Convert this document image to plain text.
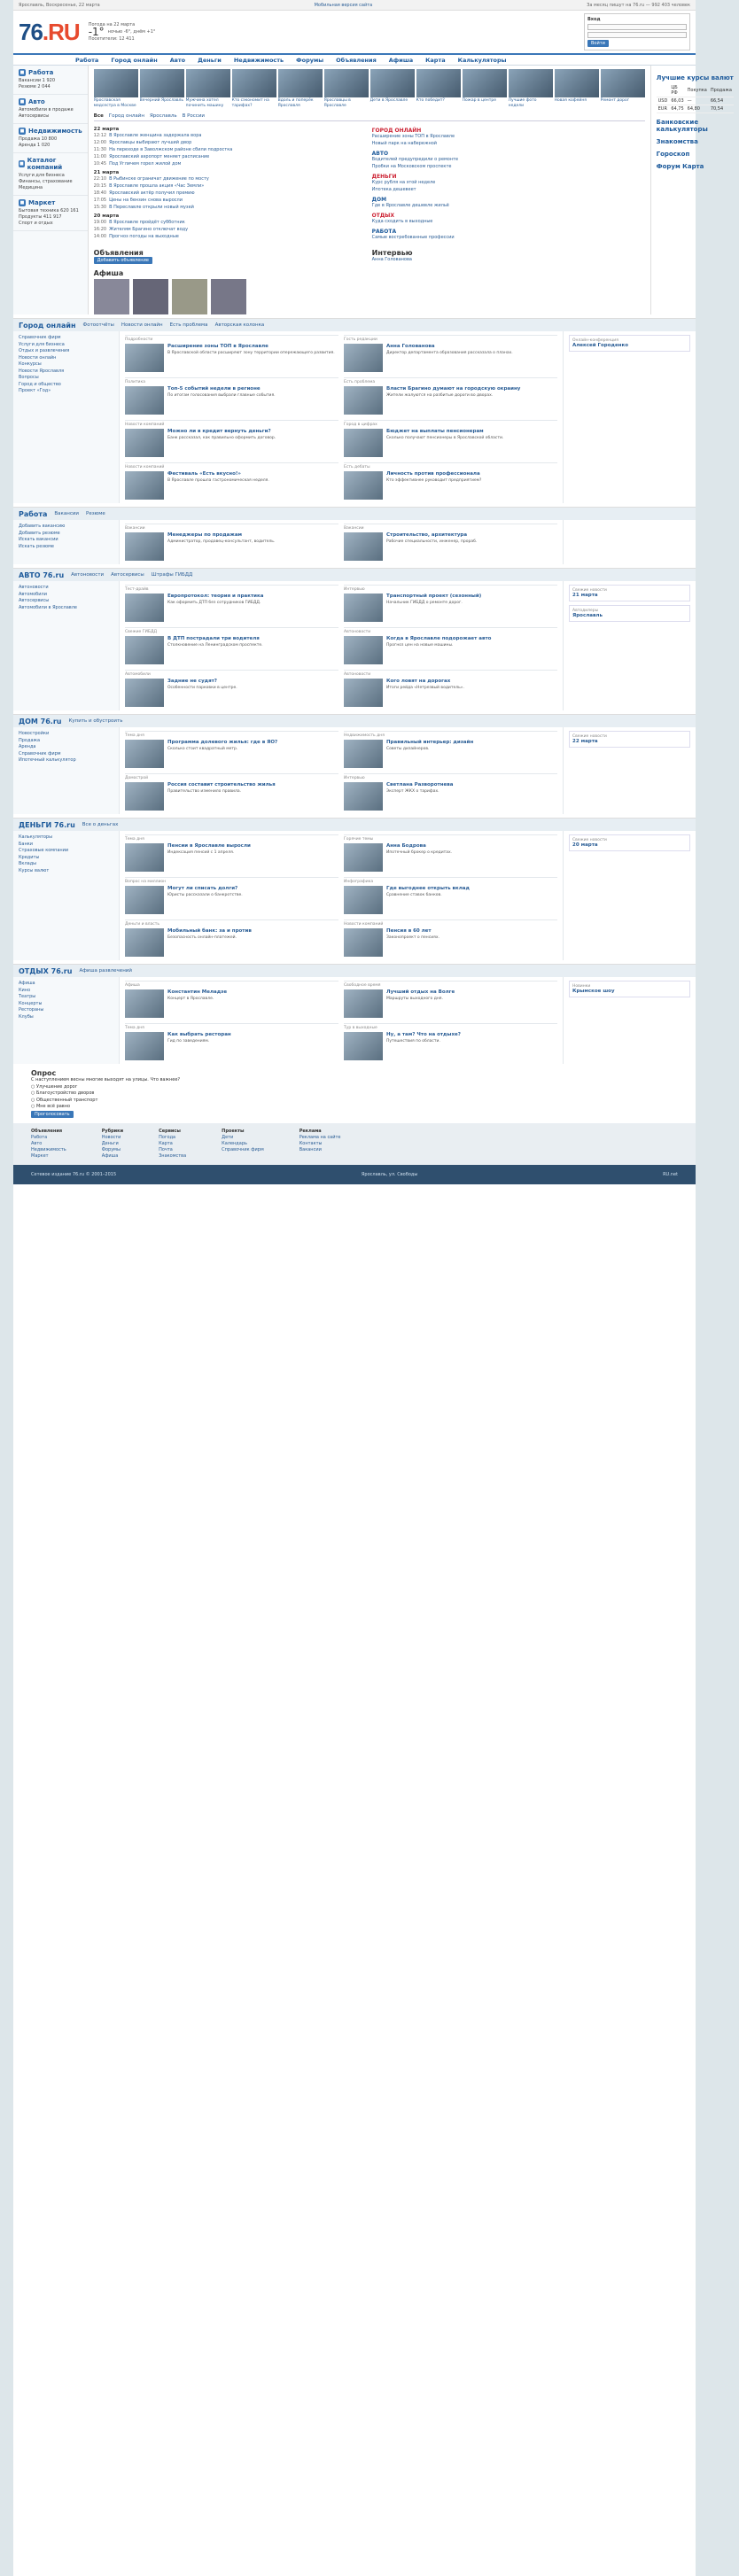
Ярославль, Воскресенье, 22 марта	Мобильная версия сайта	За месяц пишут на 76.ru — 992 403 человек
76.RU Погода на 22 марта
-1° ночью -6°, днём +1°
Посетители: 12 411
Вход
Войти
Работа Город онлайн Авто Деньги Недвижимость Форумы Объявления Афиша Карта Калькуляторы
■ Работа

Вакансии 1 920

Резюме 2 044

■ Авто

Автомобили в продаже

Автосервисы

■ Недвижимость

Продажа 10 800

Аренда 1 020

■ Каталог компаний

Услуги для бизнеса

Финансы, страхование

Медицина

■ Маркет

Бытовая техника 620 161

Продукты 411 917

Спорт и отдых

Ярославская медсестра в Москве
Вечерний Ярославль Мужчина хотел починить машину
Кто сэкономит на тарифах?
Вдоль и поперёк Ярославля
Ярославцы в Ярославле
Дети в Ярославле	Кто победит?	Пожар в центре	Лучшие фото недели
Новая кофейня	Ремонт дорог
Все Город онлайн Ярославль В России
22 марта
12:12 В Ярославле женщина задержала вора
12:00 Ярославцы выбирают лучший двор
11:30 На переходе в Заволжском районе сбили подростка
11:00 Ярославский аэропорт меняет расписание
10:45 Под Угличем горел жилой дом
21 марта
22:10 В Рыбинске ограничат движение по мосту
20:15 В Ярославле прошла акция «Час Земли»
18:40 Ярославский актёр получил премию
17:05 Цены на бензин снова выросли
15:30 В Переславле открыли новый музей
20 марта
19:00 В Ярославле пройдёт субботник
16:20 Жителям Брагино отключат воду
14:00 Прогноз погоды на выходные
ГОРОД ОНЛАЙН
Расширение зоны ТОП в Ярославле
Новый парк на набережной
АВТО
Водителей предупредили о ремонте
Пробки на Московском проспекте
ДЕНЬГИ
Курс рубля на этой неделе
Ипотека дешевеет
ДОМ
Где в Ярославле дешевле жильё
ОТДЫХ
Куда сходить в выходные
РАБОТА
Самые востребованные профессии
Объявления
Добавить объявление
Интервью
Анна Голованова
Афиша
Лучшие курсы валют
	ЦБ РФ	Покупка	Продажа
USD	66,03	—	66,54
EUR	64,75	64,80	70,54
Банковские калькуляторы
Знакомства
Гороскоп
Форум Карта
Город онлайн Фотоотчёты Новости онлайн Есть проблема Авторская колонка

Справочник фирм

Услуги для бизнеса

Отдых и развлечения

Новости онлайн

Конкурсы

Новости Ярославля

Вопросы

Город и общество

Проект «Год»

Подробности
Расширение зоны ТОП в Ярославле
В Ярославской области расширяют зону территории опережающего развития.
Гость редакции
Анна Голованова
Директор департамента образования рассказала о планах.
Политика
Топ-5 событий недели в регионе
По итогам голосования выбрали главные события.
Есть проблема
Власти Брагино думают на городскую окраину
Жители жалуются на разбитые дороги во дворах.
Новости компаний
Можно ли в кредит вернуть деньги?
Банк рассказал, как правильно оформить договор.
Город в цифрах
Бюджет на выплаты пенсионерам
Сколько получают пенсионеры в Ярославской области.
Новости компаний
Фестиваль «Есть вкусно!»
В Ярославле прошла гастрономическая неделя.
Есть дебаты
Личность против профессионала
Кто эффективнее руководит предприятием?
Онлайн-конференция
Алексей Городенко
Работа Вакансии Резюме

Добавить вакансию

Добавить резюме

Искать вакансии

Искать резюме

Вакансии
Менеджеры по продажам
Администратор, продавец-консультант, водитель.
Вакансии
Строительство, архитектура
Рабочие специальности, инженер, прораб.
АВТО 76.ru Автоновости Автосервисы Штрафы ГИБДД

Автоновости

Автомобили

Автосервисы

Автомобили в Ярославле

Тест-драйв
Европротокол: теория и практика
Как оформить ДТП без сотрудников ГИБДД.
Интервью
Транспортный проект (сезонный)
Начальник ГИБДД о ремонте дорог.
Свежие ГИБДД
В ДТП пострадали три водителя
Столкновение на Ленинградском проспекте.
Автоновости
Когда в Ярославле подорожает авто
Прогноз цен на новые машины.
Автомобили
Задние не судят?
Особенности парковки в центре.
Автоновости
Кого ловят на дорогах
Итоги рейда «Нетрезвый водитель».
Свежие новости
21 марта
Автодилеры
Ярославль
ДОМ 76.ru Купить и обустроить

Новостройки

Продажа

Аренда

Справочник фирм

Ипотечный калькулятор

Тема дня
Программа долевого жилья: где в ЯО?
Сколько стоит квадратный метр.
Недвижимость дня
Правильный интерьер: дизайн
Советы дизайнеров.
Домострой
Россия составит строительство жилья
Правительство изменило правила.
Интервью
Светлана Разворотнева
Эксперт ЖКХ о тарифах.
Свежие новости
22 марта
ДЕНЬГИ 76.ru Все о деньгах

Калькуляторы

Банки

Страховые компании

Кредиты

Вклады

Курсы валют

Тема дня
Пенсии в Ярославле выросли
Индексация пенсий с 1 апреля.
Горячие темы
Анна Бодрова
Ипотечный брокер о кредитах.
Вопрос на миллион
Могут ли списать долги?
Юристы рассказали о банкротстве.
Инфографика
Где выгоднее открыть вклад
Сравнение ставок банков.
Деньги и власть
Мобильный банк: за и против
Безопасность онлайн-платежей.
Новости компаний
Пенсия в 60 лет
Законопроект о пенсиях.
Свежие новости
20 марта
ОТДЫХ 76.ru Афиша развлечений

Афиша

Кино

Театры

Концерты

Рестораны

Клубы

Афиша
Константин Меладзе
Концерт в Ярославле.
Свободное время
Лучший отдых на Волге
Маршруты выходного дня.
Тема дня
Как выбрать ресторан
Гид по заведениям.
Тур в выходные
Ну, а там? Что на отдыхе?
Путешествия по области.
Новинки
Крымское шоу
Опрос

С наступлением весны многие выходят на улицы. Что важнее?

○ Улучшение дорог

○ Благоустройство дворов

○ Общественный транспорт

○ Мне всё равно

Проголосовать

Объявления

Работа

Авто

Недвижимость

Маркет

Рубрики

Новости

Деньги

Форумы

Афиша

Сервисы

Погода

Карта

Почта

Знакомства

Проекты

Дети

Календарь

Справочник фирм

Реклама

Реклама на сайте

Контакты

Вакансии

Сетевое издание 76.ru © 2001–2015	Ярославль, ул. Свободы	RU.net
